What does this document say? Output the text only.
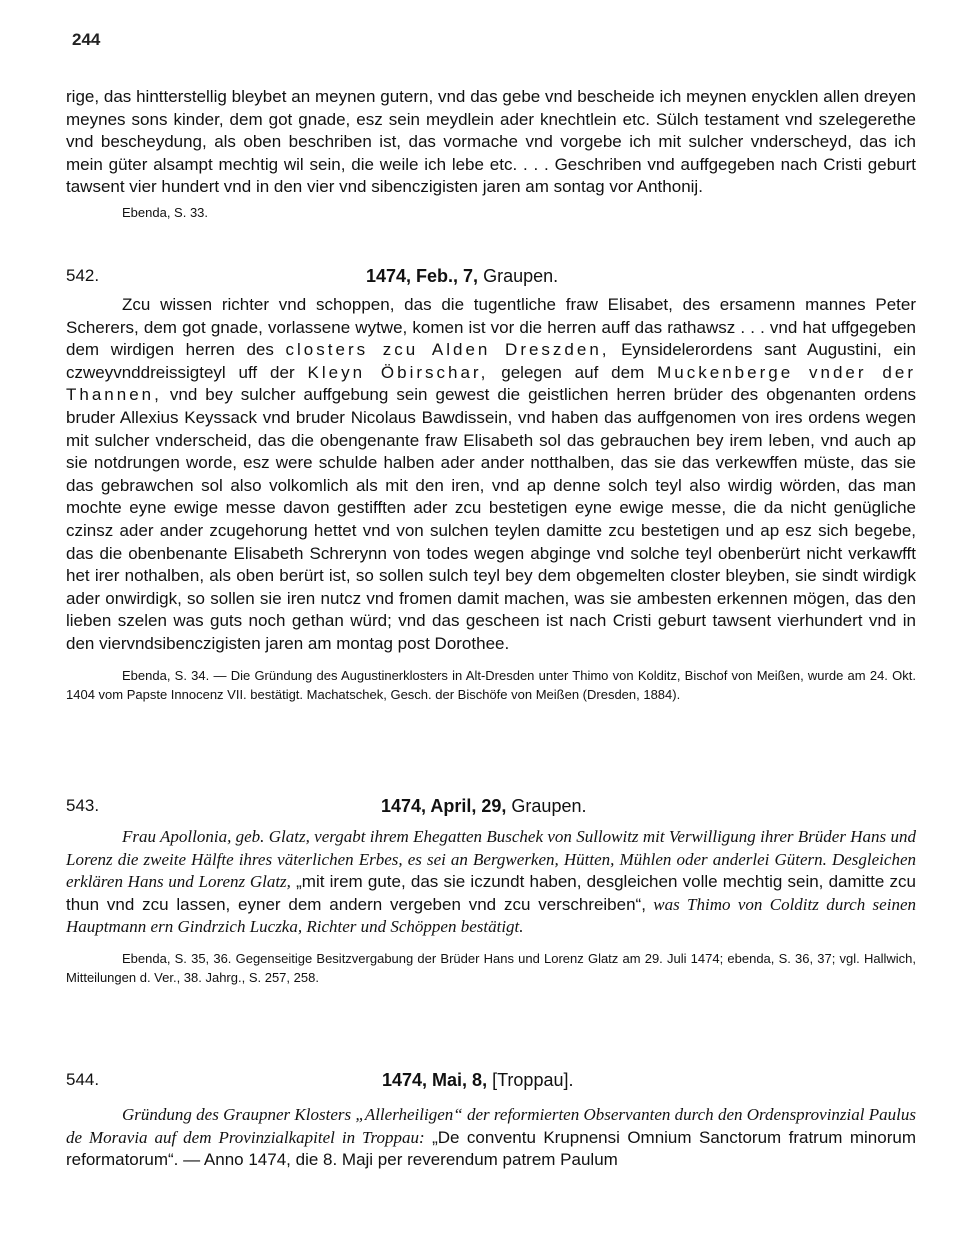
244

rige, das hintterstellig bleybet an meynen gutern, vnd das gebe vnd bescheide ich meynen enycklen allen dreyen meynes sons kinder, dem got gnade, esz sein meydlein ader knechtlein etc. Sülch testament vnd szelegerethe vnd bescheydung, als oben beschriben ist, das vormache vnd vorgebe ich mit sulcher vnderscheyd, das ich mein güter alsampt mechtig wil sein, die weile ich lebe etc. . . . Geschriben vnd auffgegeben nach Cristi geburt tawsent vier hundert vnd in den vier vnd sibenczigisten jaren am sontag vor Anthonij.

Ebenda, S. 33.

542.	1474, Feb., 7, Graupen.

Zcu wissen richter vnd schoppen, das die tugentliche fraw Elisabet, des ersamenn mannes Peter Scherers, dem got gnade, vorlassene wytwe, komen ist vor die herren auff das rathawsz . . . vnd hat uffgegeben dem wirdigen herren des closters zcu Alden Dreszden, Eynsidelerordens sant Augustini, ein czweyvnddreissigteyl uff der Kleyn Öbirschar, gelegen auf dem Muckenberge vnder der Thannen, vnd bey sulcher auffgebung sein gewest die geistlichen herren brüder des obgenanten ordens bruder Allexius Keyssack vnd bruder Nicolaus Bawdissein, vnd haben das auffgenomen von ires ordens wegen mit sulcher vnderscheid, das die obengenante fraw Elisabeth sol das gebrauchen bey irem leben, vnd auch ap sie notdrungen worde, esz were schulde halben ader ander notthalben, das sie das verkewffen müste, das sie das gebrawchen sol also volkomlich als mit den iren, vnd ap denne solch teyl also wirdig wörden, das man mochte eyne ewige messe davon gestifften ader zcu bestetigen eyne ewige messe, die da nicht genügliche czinsz ader ander zcugehorung hettet vnd von sulchen teylen damitte zcu bestetigen und ap esz sich begebe, das die obenbenante Elisabeth Schrerynn von todes wegen abginge vnd solche teyl obenberürt nicht verkawfft het irer nothalben, als oben berürt ist, so sollen sulch teyl bey dem obgemelten closter bleyben, sie sindt wirdigk ader onwirdigk, so sollen sie iren nutcz vnd fromen damit machen, was sie ambesten erkennen mögen, das den lieben szelen was guts noch gethan würd; vnd das gescheen ist nach Cristi geburt tawsent vierhundert vnd in den viervndsibenczigisten jaren am montag post Dorothee.

Ebenda, S. 34. — Die Gründung des Augustinerklosters in Alt-Dresden unter Thimo von Kolditz, Bischof von Meißen, wurde am 24. Okt. 1404 vom Papste Innocenz VII. bestätigt. Machatschek, Gesch. der Bischöfe von Meißen (Dresden, 1884).

543.	1474, April, 29, Graupen.

Frau Apollonia, geb. Glatz, vergabt ihrem Ehegatten Buschek von Sullowitz mit Verwilligung ihrer Brüder Hans und Lorenz die zweite Hälfte ihres väterlichen Erbes, es sei an Bergwerken, Hütten, Mühlen oder anderlei Gütern. Desgleichen erklären Hans und Lorenz Glatz, „mit irem gute, das sie iczundt haben, desgleichen volle mechtig sein, damitte zcu thun vnd zcu lassen, eyner dem andern vergeben vnd zcu verschreiben“, was Thimo von Colditz durch seinen Hauptmann ern Gindrzich Luczka, Richter und Schöppen bestätigt.

Ebenda, S. 35, 36. Gegenseitige Besitzvergabung der Brüder Hans und Lorenz Glatz am 29. Juli 1474; ebenda, S. 36, 37; vgl. Hallwich, Mitteilungen d. Ver., 38. Jahrg., S. 257, 258.

544.	1474, Mai, 8, [Troppau].

Gründung des Graupner Klosters „Allerheiligen“ der reformierten Observanten durch den Ordensprovinzial Paulus de Moravia auf dem Provinzialkapitel in Troppau: „De conventu Krupnensi Omnium Sanctorum fratrum minorum reformatorum“. — Anno 1474, die 8. Maji per reverendum patrem Paulum
